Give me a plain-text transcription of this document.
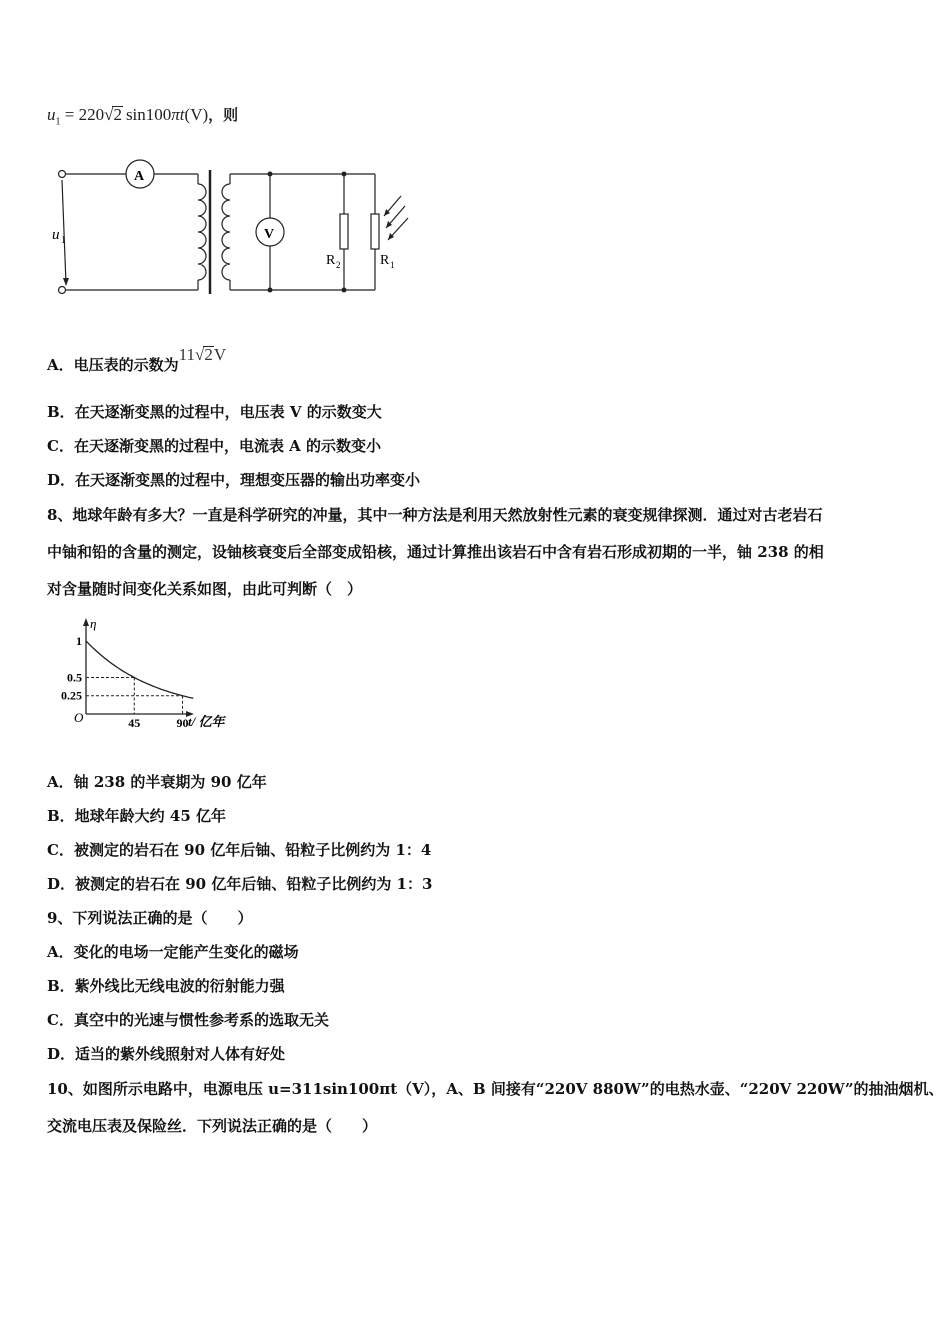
$u_1 = 220√2$ sin100πt(V)，则
A
V
u 1
R 2	R 1
A．电压表的示数为11√2V
B．在天逐渐变黑的过程中，电压表 V 的示数变大
C．在天逐渐变黑的过程中，电流表 A 的示数变小
D．在天逐渐变黑的过程中，理想变压器的输出功率变小
8、地球年龄有多大？一直是科学研究的冲量，其中一种方法是利用天然放射性元素的衰变规律探测．通过对古老岩石
中铀和铅的含量的测定，设铀核衰变后全部变成铅核，通过计算推出该岩石中含有岩石形成初期的一半，铀 238 的相
对含量随时间变化关系如图，由此可判断（　）
1
0.5
0.25
45	90
η
t/ 亿年
O
A．铀 238 的半衰期为 90 亿年
B．地球年龄大约 45 亿年
C．被测定的岩石在 90 亿年后铀、铅粒子比例约为 1：4
D．被测定的岩石在 90 亿年后铀、铅粒子比例约为 1：3
9、下列说法正确的是（　　）
A．变化的电场一定能产生变化的磁场
B．紫外线比无线电波的衍射能力强
C．真空中的光速与惯性参考系的选取无关
D．适当的紫外线照射对人体有好处
10、如图所示电路中，电源电压 u=311sin100πt（V），A、B 间接有“220V 880W”的电热水壶、“220V 220W”的抽油烟机、
交流电压表及保险丝．下列说法正确的是（　　）
